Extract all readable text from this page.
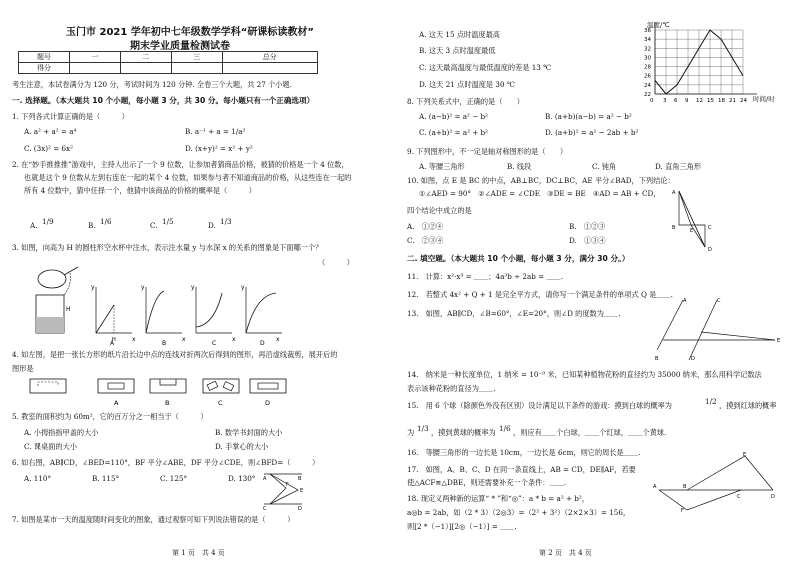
玉门市 2021 学年初中七年级数学学科“研课标读教材”
期末学业质量检测试卷
题号	一	二	三	总分
得分				
考生注意，本试卷满分为 120 分，考试时间为 120 分钟. 全卷三个大题，共 27 个小题.
一. 选择题。（本大题共 10 个小题，每小题 3 分，共 30 分。每小题只有一个正确选项）
1. 下列各式计算正确的是（　　　）
A. a² + a² = a⁴	B. a⁻¹ + a = 1/a²
C. (3x)² = 6x²	D. (x+y)² = x² + y²
2. 在“妙手推推推”游戏中，主持人出示了一个 9 位数，让参加者猜商品价格，被猜的价格是一个 4 位数，
也就是这个 9 位数从左到右连在一起的某个 4 位数，如果参与者不知道商品的价格，从这些连在一起的
所有 4 位数中，猜中任择一个，他猜中该商品的价格的概率是（　　　）
A. 1/9	B. 1/6	C. 1/5	D. 1/3
3. 如图，向高为 H 的圆柱形空水杯中注水，表示注水量 y 与水深 x 的关系的图象是下面哪一个？
（　　　）
H
y
x
H
A
y
x
B
y
x
C
y
x
D
4. 如左图，是把一张长方形的纸片沿长边中点的连线对折两次后得到的图形，再沿虚线裁剪，展开后的
图形是
A	B	C	D
5. 教室的面积约为 60m²，它的百万分之一相当于（　　　）
A. 小拇指指甲盖的大小	B. 数学书封面的大小
C. 课桌面的大小	D. 手掌心的大小
6. 如右图，AB∥CD，∠BED=110°，BF 平分∠ABE，DF 平分∠CDE，则∠BFD=（　　　）
A. 110°	B. 115°	C. 125°	D. 130° A	B
F
E
C	D
7. 如图是某市一天的温度随时间变化的图象，通过观察可知下列说法错误的是（　　　）
第 1 页　共 4 页
A. 这天 15 点时温度最高
B. 这天 3 点时温度最低
C. 这天最高温度与最低温度的差是 13 ℃
D. 这天 21 点时温度是 30 ℃
36
34
32
30
28
26
24
22
3 6 9 12 15 18 21 24
0
温度/℃
时间/时
8. 下列关系式中，正确的是（　　）
A. (a−b)² = a² − b²	B. (a+b)(a−b) = a² − b²
C. (a+b)² = a² + b²	D. (a+b)² = a² − 2ab + b²
9. 下列图形中，不一定是轴对称图形的是（　　）
A. 等腰三角形	B. 线段	C. 钝角	D. 直角三角形
10. 如图，点 E 是 BC 的中点，AB⊥BC，DC⊥BC，AE 平分∠BAD，下列结论：
①∠AED = 90°　②∠ADE = ∠CDE　③DE = BE　④AD = AB + CD，
四个结论中成立的是
A.　①②④	B.　①②③
C.　②③④	D.　①③④
A
B	E	C
D
二. 填空题。（本大题共 10 个小题，每小题 3 分，满分 30 分。）
11.　计算：x²·x³ = ＿＿；4a³b ÷ 2ab = ＿＿.
12.　若整式 4x² + Q + 1 是完全平方式，请你写一个满足条件的单项式 Q 是＿＿.
13.　如图，AB∥CD，∠B=60°，∠E=20°，则∠D 的度数为＿＿.
A	C
B	D
E
14.　纳米是一种长度单位，1 纳米 = 10⁻⁹ 米，已知某种植物花粉的直径约为 35000 纳米，那么用科学记数法
表示该种花粉的直径为＿＿.
15.　用 6 个球（除颜色外没有区别）设计满足以下条件的游戏：摸到白球的概率为	1/2 ，摸到红球的概率
为 1/3 ，摸到黄球的概率为 1/6 ，则应有＿＿个白球，＿＿个红球，＿＿个黄球.
16.　等腰三角形的一边长是 10cm，一边长是 6cm，则它的周长是＿＿.
17.　如图，A、B、C、D 在同一条直线上，AB = CD，DE∥AF，若要
使△ACF≌△DBE，则还需要补充一个条件：＿＿.	A	B
C	D
E
F
18. 现定义两种新的运算“ * ”和“◎”：a * b = a² + b²，
a◎b = 2ab，如（2 * 3）（2◎3）=（2² + 3²）（2×2×3）= 156，
则[2 *（−1）][2◎（−1）] = ＿＿.
第 2 页　共 4 页
